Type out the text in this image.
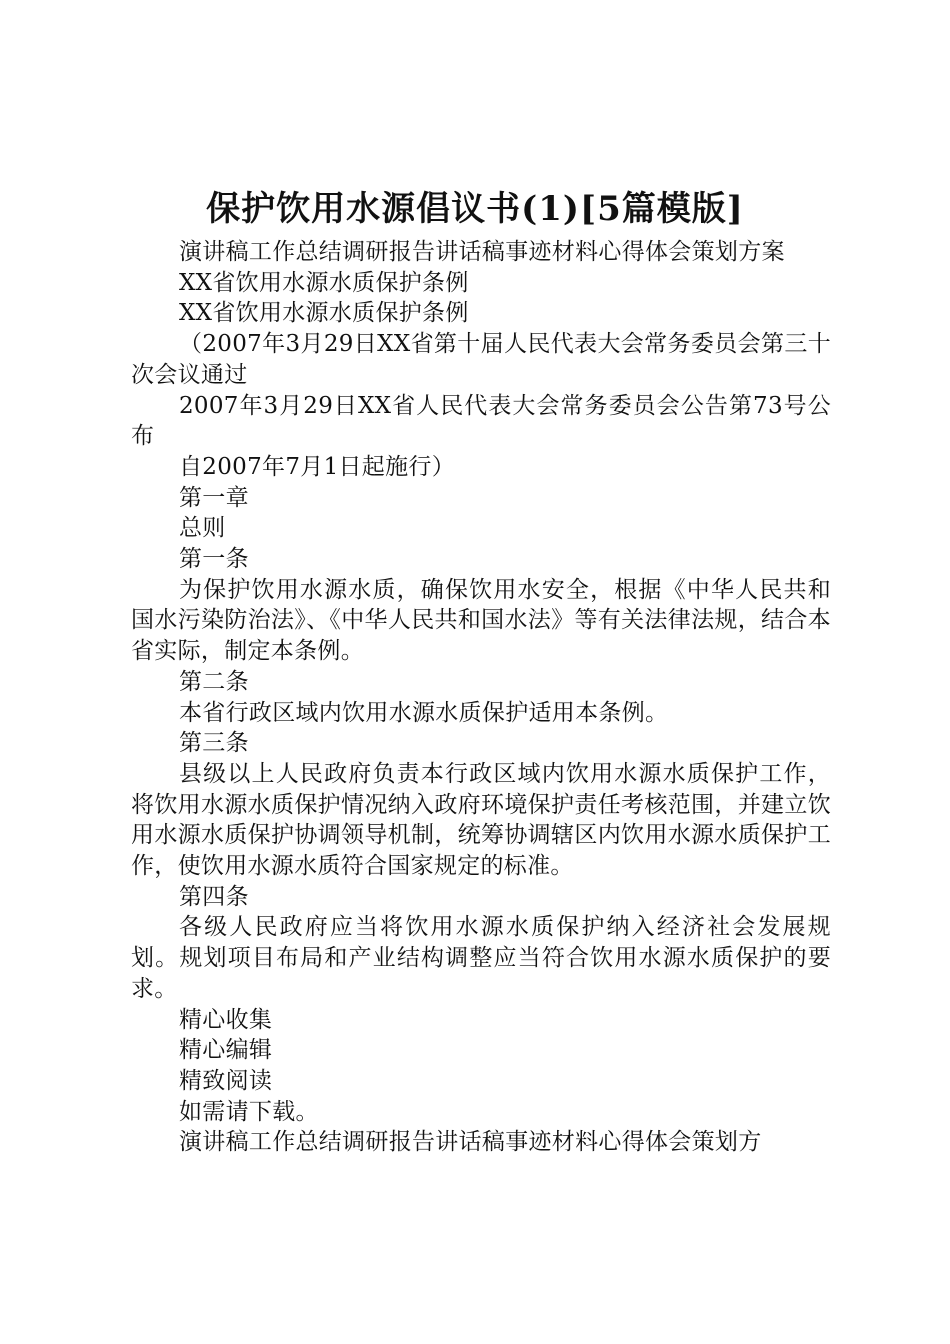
保护饮用水源倡议书(1)[5篇模版]

演讲稿工作总结调研报告讲话稿事迹材料心得体会策划方案

XX省饮用水源水质保护条例

XX省饮用水源水质保护条例

（2007年3月29日XX省第十届人民代表大会常务委员会第三十次会议通过

2007年3月29日XX省人民代表大会常务委员会公告第73号公布

自2007年7月1日起施行）

第一章

总则

第一条

为保护饮用水源水质，确保饮用水安全，根据《中华人民共和国水污染防治法》、《中华人民共和国水法》等有关法律法规，结合本省实际，制定本条例。

第二条

本省行政区域内饮用水源水质保护适用本条例。

第三条

县级以上人民政府负责本行政区域内饮用水源水质保护工作，将饮用水源水质保护情况纳入政府环境保护责任考核范围，并建立饮用水源水质保护协调领导机制，统筹协调辖区内饮用水源水质保护工作，使饮用水源水质符合国家规定的标准。

第四条

各级人民政府应当将饮用水源水质保护纳入经济社会发展规划。规划项目布局和产业结构调整应当符合饮用水源水质保护的要求。

精心收集

精心编辑

精致阅读

如需请下载。

演讲稿工作总结调研报告讲话稿事迹材料心得体会策划方
